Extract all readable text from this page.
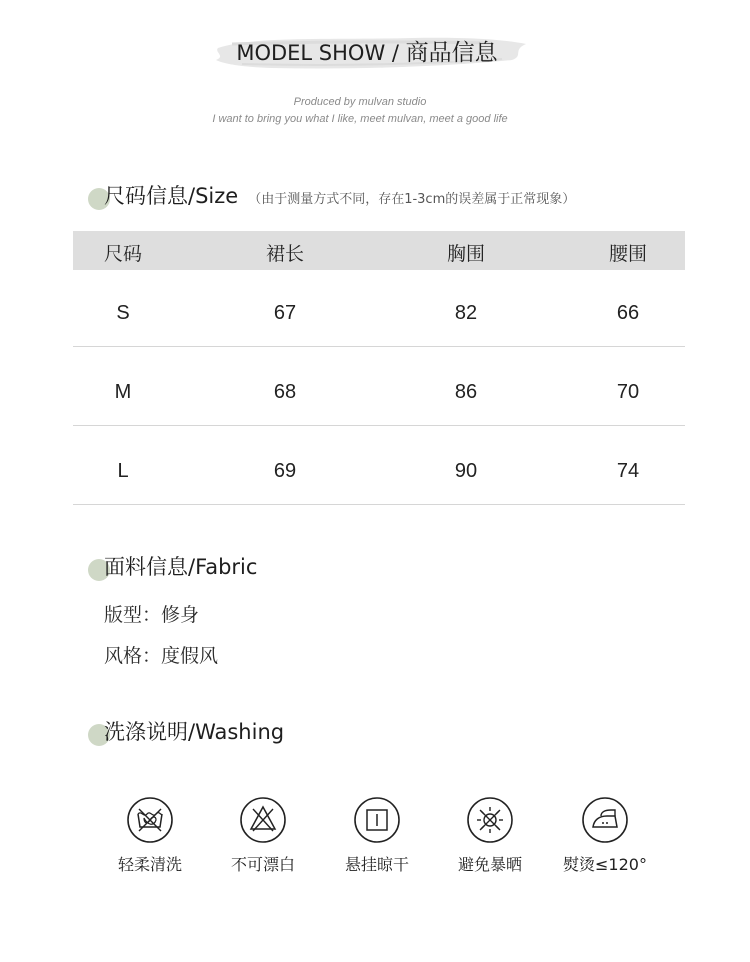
MODEL SHOW / 商品信息
Produced by mulvan studio
I want to bring you what I like, meet mulvan, meet a good life
尺码信息/Size （由于测量方式不同，存在1-3cm的误差属于正常现象）
尺码	裙长	胸围	腰围
S	67	82	66
M	68	86	70
L	69	90	74
面料信息/Fabric
版型：修身
风格：度假风
洗涤说明/Washing
轻柔清洗	不可漂白	悬挂晾干	避免暴晒	熨烫≤120°
